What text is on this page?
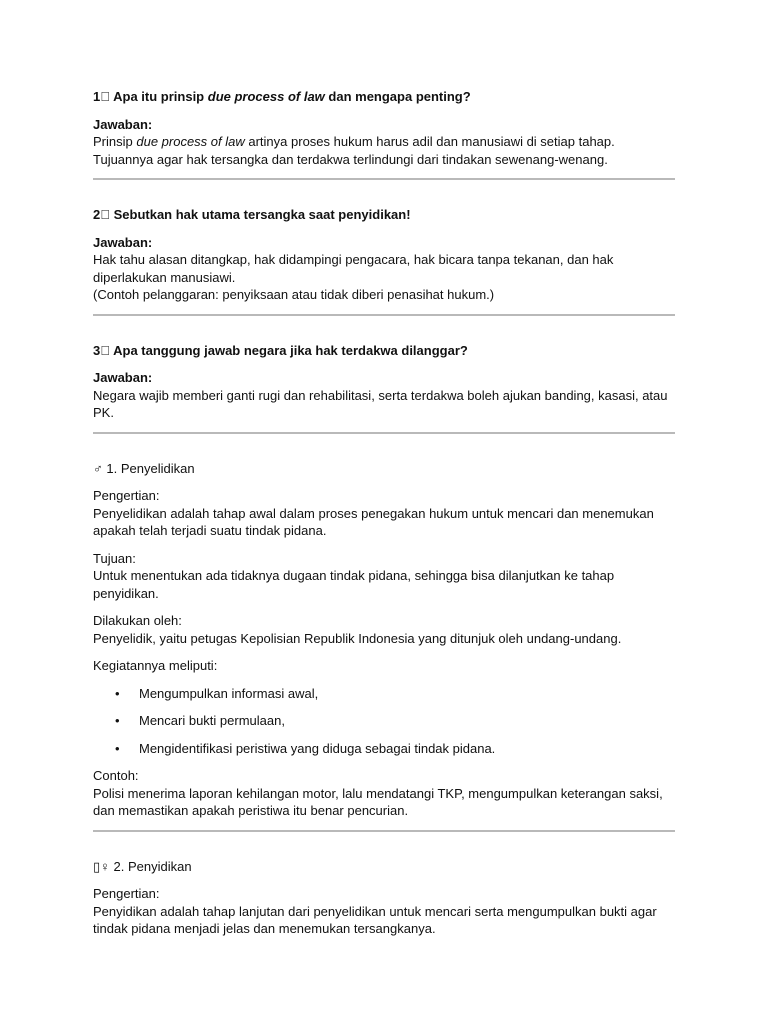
1⃣ Apa itu prinsip due process of law dan mengapa penting?

Jawaban:

Prinsip due process of law artinya proses hukum harus adil dan manusiawi di setiap tahap.

Tujuannya agar hak tersangka dan terdakwa terlindungi dari tindakan sewenang-wenang.

2⃣ Sebutkan hak utama tersangka saat penyidikan!

Jawaban:

Hak tahu alasan ditangkap, hak didampingi pengacara, hak bicara tanpa tekanan, dan hak diperlakukan manusiawi.

(Contoh pelanggaran: penyiksaan atau tidak diberi penasihat hukum.)

3⃣ Apa tanggung jawab negara jika hak terdakwa dilanggar?

Jawaban:

Negara wajib memberi ganti rugi dan rehabilitasi, serta terdakwa boleh ajukan banding, kasasi, atau PK.

♂ 1. Penyelidikan

Pengertian:

Penyelidikan adalah tahap awal dalam proses penegakan hukum untuk mencari dan menemukan apakah telah terjadi suatu tindak pidana.

Tujuan:

Untuk menentukan ada tidaknya dugaan tindak pidana, sehingga bisa dilanjutkan ke tahap penyidikan.

Dilakukan oleh:

Penyelidik, yaitu petugas Kepolisian Republik Indonesia yang ditunjuk oleh undang-undang.

Kegiatannya meliputi:

• Mengumpulkan informasi awal,
• Mencari bukti permulaan,
• Mengidentifikasi peristiwa yang diduga sebagai tindak pidana.

Contoh:

Polisi menerima laporan kehilangan motor, lalu mendatangi TKP, mengumpulkan keterangan saksi, dan memastikan apakah peristiwa itu benar pencurian.

▯♀ 2. Penyidikan

Pengertian:

Penyidikan adalah tahap lanjutan dari penyelidikan untuk mencari serta mengumpulkan bukti agar tindak pidana menjadi jelas dan menemukan tersangkanya.
